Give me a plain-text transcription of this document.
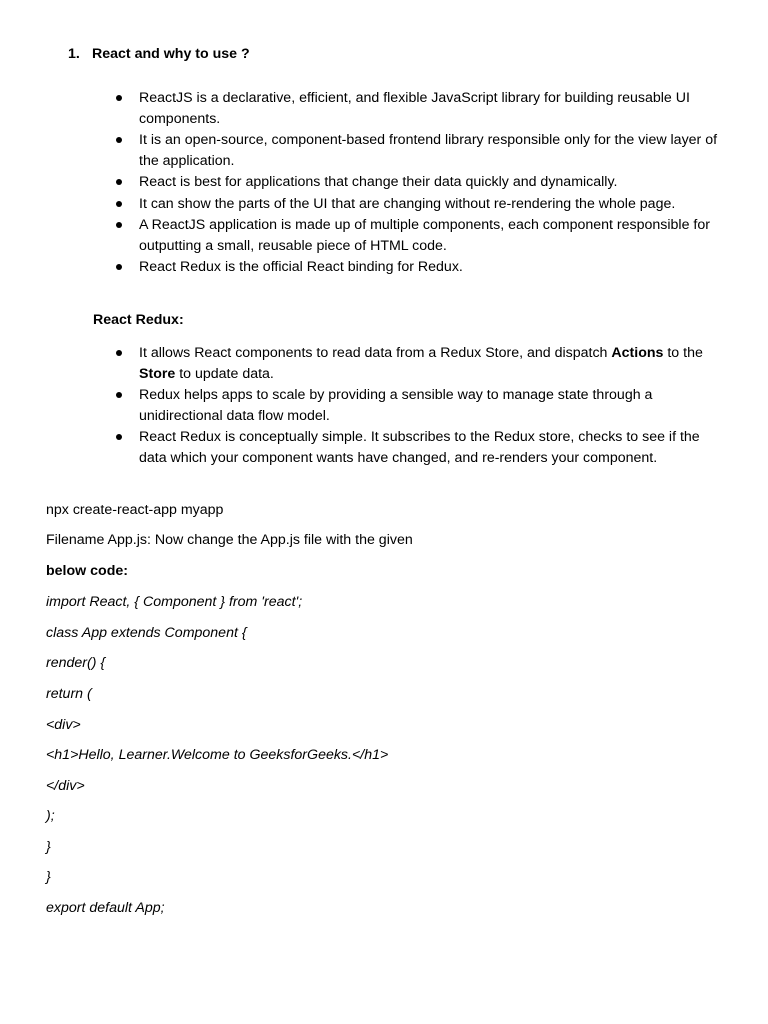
1. React and why to use ?
ReactJS is a declarative, efficient, and flexible JavaScript library for building reusable UI components.
It is an open-source, component-based frontend library responsible only for the view layer of the application.
React is best for applications that change their data quickly and dynamically.
It can show the parts of the UI that are changing without re-rendering the whole page.
A ReactJS application is made up of multiple components, each component responsible for outputting a small, reusable piece of HTML code.
React Redux is the official React binding for Redux.
React Redux:
It allows React components to read data from a Redux Store, and dispatch Actions to the Store to update data.
Redux helps apps to scale by providing a sensible way to manage state through a unidirectional data flow model.
React Redux is conceptually simple. It subscribes to the Redux store, checks to see if the data which your component wants have changed, and re-renders your component.
npx create-react-app myapp
Filename App.js: Now change the App.js file with the given
below code:
import React, { Component } from 'react';
class App extends Component {
render() {
return (
<div>
<h1>Hello, Learner.Welcome to GeeksforGeeks.</h1>
</div>
);
}
}
export default App;
